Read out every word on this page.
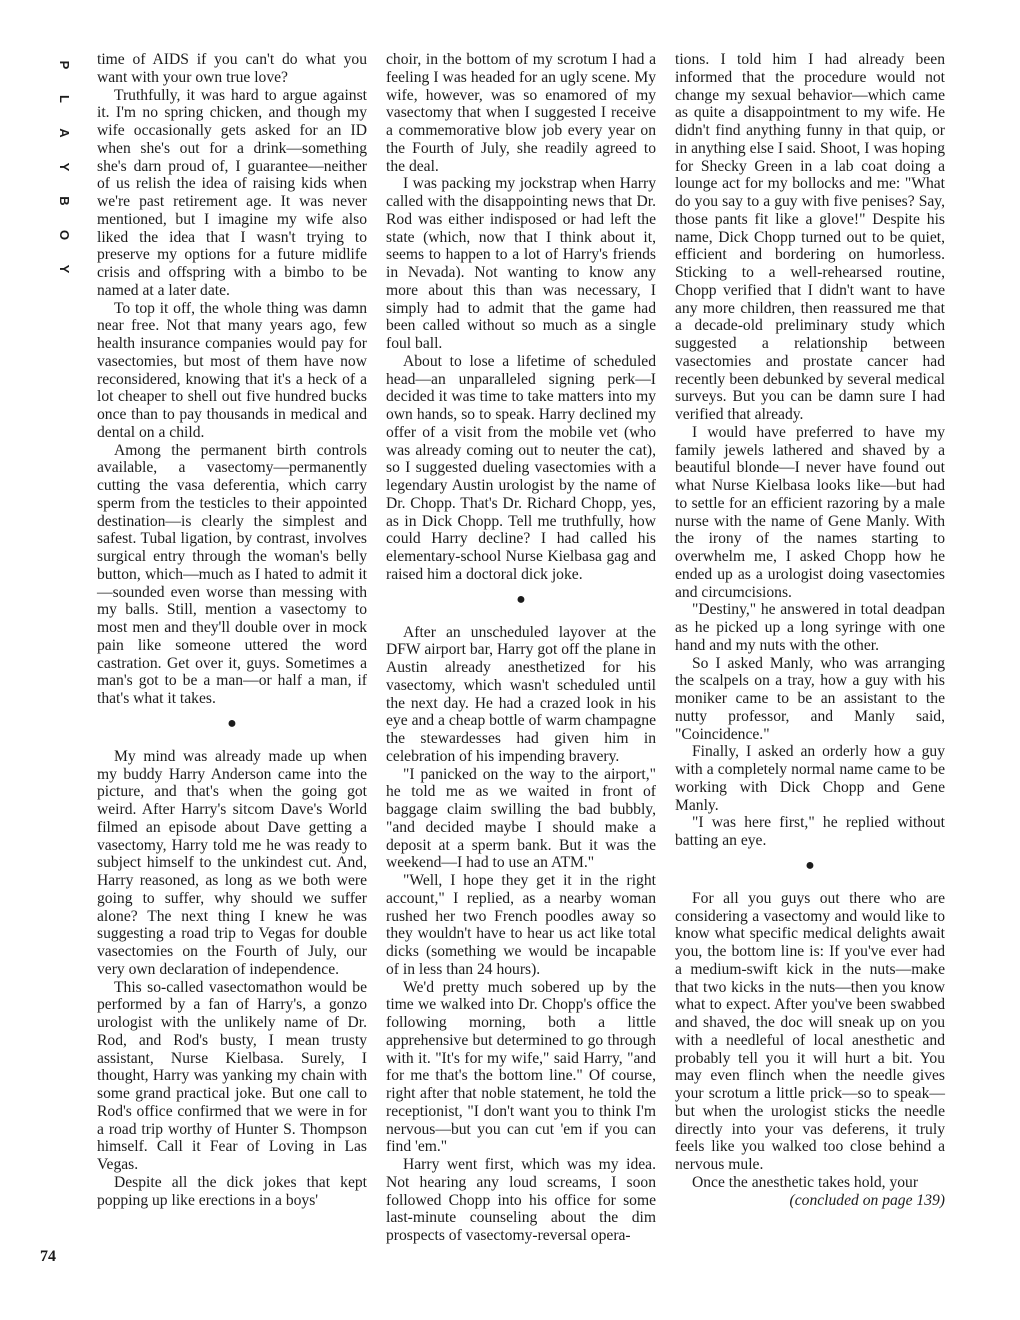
P
L
A
Y
B
O
Y

time of AIDS if you can't do what you want with your own true love?

Truthfully, it was hard to argue against it. I'm no spring chicken, and though my wife occasionally gets asked for an ID when she's out for a drink—something she's darn proud of, I guarantee—neither of us relish the idea of raising kids when we're past retirement age. It was never mentioned, but I imagine my wife also liked the idea that I wasn't trying to preserve my options for a future midlife crisis and offspring with a bimbo to be named at a later date.

To top it off, the whole thing was damn near free. Not that many years ago, few health insurance companies would pay for vasectomies, but most of them have now reconsidered, knowing that it's a heck of a lot cheaper to shell out five hundred bucks once than to pay thousands in medical and dental on a child.

Among the permanent birth controls available, a vasectomy—permanently cutting the vasa deferentia, which carry sperm from the testicles to their appointed destination—is clearly the simplest and safest. Tubal ligation, by contrast, involves surgical entry through the woman's belly button, which—much as I hated to admit it—sounded even worse than messing with my balls. Still, mention a vasectomy to most men and they'll double over in mock pain like someone uttered the word castration. Get over it, guys. Sometimes a man's got to be a man—or half a man, if that's what it takes.

●

My mind was already made up when my buddy Harry Anderson came into the picture, and that's when the going got weird. After Harry's sitcom Dave's World filmed an episode about Dave getting a vasectomy, Harry told me he was ready to subject himself to the unkindest cut. And, Harry reasoned, as long as we both were going to suffer, why should we suffer alone? The next thing I knew he was suggesting a road trip to Vegas for double vasectomies on the Fourth of July, our very own declaration of independence.

This so-called vasectomathon would be performed by a fan of Harry's, a gonzo urologist with the unlikely name of Dr. Rod, and Rod's busty, I mean trusty assistant, Nurse Kielbasa. Surely, I thought, Harry was yanking my chain with some grand practical joke. But one call to Rod's office confirmed that we were in for a road trip worthy of Hunter S. Thompson himself. Call it Fear of Loving in Las Vegas.

Despite all the dick jokes that kept popping up like erections in a boys'

choir, in the bottom of my scrotum I had a feeling I was headed for an ugly scene. My wife, however, was so enamored of my vasectomy that when I suggested I receive a commemorative blow job every year on the Fourth of July, she readily agreed to the deal.

I was packing my jockstrap when Harry called with the disappointing news that Dr. Rod was either indisposed or had left the state (which, now that I think about it, seems to happen to a lot of Harry's friends in Nevada). Not wanting to know any more about this than was necessary, I simply had to admit that the game had been called without so much as a single foul ball.

About to lose a lifetime of scheduled head—an unparalleled signing perk—I decided it was time to take matters into my own hands, so to speak. Harry declined my offer of a visit from the mobile vet (who was already coming out to neuter the cat), so I suggested dueling vasectomies with a legendary Austin urologist by the name of Dr. Chopp. That's Dr. Richard Chopp, yes, as in Dick Chopp. Tell me truthfully, how could Harry decline? I had called his elementary-school Nurse Kielbasa gag and raised him a doctoral dick joke.

●

After an unscheduled layover at the DFW airport bar, Harry got off the plane in Austin already anesthetized for his vasectomy, which wasn't scheduled until the next day. He had a crazed look in his eye and a cheap bottle of warm champagne the stewardesses had given him in celebration of his impending bravery.

"I panicked on the way to the airport," he told me as we waited in front of baggage claim swilling the bad bubbly, "and decided maybe I should make a deposit at a sperm bank. But it was the weekend—I had to use an ATM."

"Well, I hope they get it in the right account," I replied, as a nearby woman rushed her two French poodles away so they wouldn't have to hear us act like total dicks (something we would be incapable of in less than 24 hours).

We'd pretty much sobered up by the time we walked into Dr. Chopp's office the following morning, both a little apprehensive but determined to go through with it. "It's for my wife," said Harry, "and for me that's the bottom line." Of course, right after that noble statement, he told the receptionist, "I don't want you to think I'm nervous—but you can cut 'em if you can find 'em."

Harry went first, which was my idea. Not hearing any loud screams, I soon followed Chopp into his office for some last-minute counseling about the dim prospects of vasectomy-reversal opera-

tions. I told him I had already been informed that the procedure would not change my sexual behavior—which came as quite a disappointment to my wife. He didn't find anything funny in that quip, or in anything else I said. Shoot, I was hoping for Shecky Green in a lab coat doing a lounge act for my bollocks and me: "What do you say to a guy with five penises? Say, those pants fit like a glove!" Despite his name, Dick Chopp turned out to be quiet, efficient and bordering on humorless. Sticking to a well-rehearsed routine, Chopp verified that I didn't want to have any more children, then reassured me that a decade-old preliminary study which suggested a relationship between vasectomies and prostate cancer had recently been debunked by several medical surveys. But you can be damn sure I had verified that already.

I would have preferred to have my family jewels lathered and shaved by a beautiful blonde—I never have found out what Nurse Kielbasa looks like—but had to settle for an efficient razoring by a male nurse with the name of Gene Manly. With the irony of the names starting to overwhelm me, I asked Chopp how he ended up as a urologist doing vasectomies and circumcisions.

"Destiny," he answered in total deadpan as he picked up a long syringe with one hand and my nuts with the other.

So I asked Manly, who was arranging the scalpels on a tray, how a guy with his moniker came to be an assistant to the nutty professor, and Manly said, "Coincidence."

Finally, I asked an orderly how a guy with a completely normal name came to be working with Dick Chopp and Gene Manly.

"I was here first," he replied without batting an eye.

●

For all you guys out there who are considering a vasectomy and would like to know what specific medical delights await you, the bottom line is: If you've ever had a medium-swift kick in the nuts—make that two kicks in the nuts—then you know what to expect. After you've been swabbed and shaved, the doc will sneak up on you with a needleful of local anesthetic and probably tell you it will hurt a bit. You may even flinch when the needle gives your scrotum a little prick—so to speak—but when the urologist sticks the needle directly into your vas deferens, it truly feels like you walked too close behind a nervous mule.

Once the anesthetic takes hold, your

(concluded on page 139)

74
